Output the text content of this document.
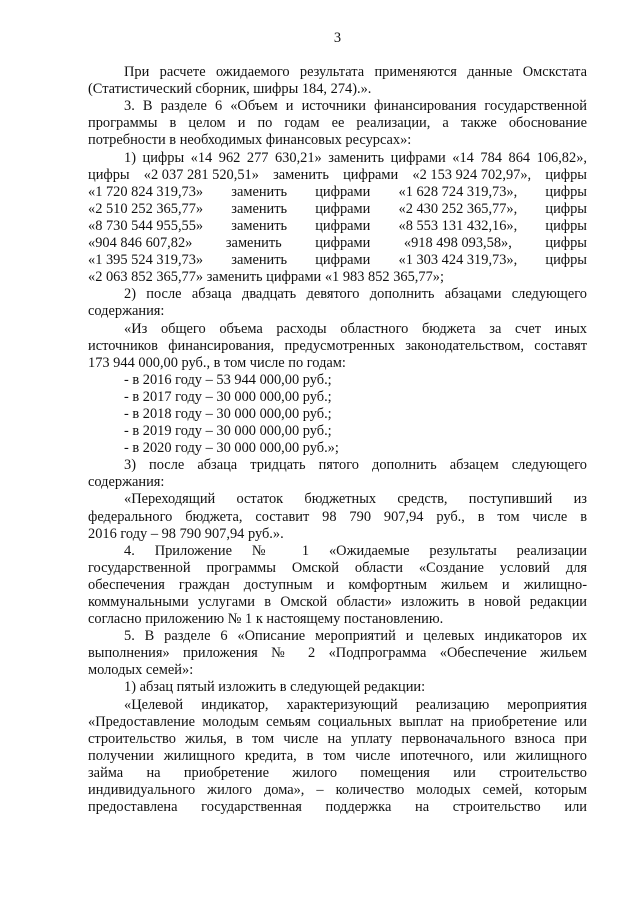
3

При расчете ожидаемого результата применяются данные Омскстата

(Статистический сборник, шифры 184, 274).».

3. В разделе 6 «Объем и источники финансирования государственной

программы в целом и по годам ее реализации, а также обоснование

потребности в необходимых финансовых ресурсах»:

1) цифры «14 962 277 630,21» заменить цифрами «14 784 864 106,82»,

цифры «2 037 281 520,51» заменить цифрами «2 153 924 702,97», цифры
«1 720 824 319,73» заменить цифрами «1 628 724 319,73», цифры
«2 510 252 365,77» заменить цифрами «2 430 252 365,77», цифры
«8 730 544 955,55» заменить цифрами «8 553 131 432,16», цифры
«904 846 607,82» заменить цифрами «918 498 093,58», цифры
«1 395 524 319,73» заменить цифрами «1 303 424 319,73», цифры

«2 063 852 365,77» заменить цифрами «1 983 852 365,77»;

2) после абзаца двадцать девятого дополнить абзацами следующего

содержания:

«Из общего объема расходы областного бюджета за счет иных

источников финансирования, предусмотренных законодательством, составят

173 944 000,00 руб., в том числе по годам:

- в 2016 году – 53 944 000,00 руб.;

- в 2017 году – 30 000 000,00 руб.;

- в 2018 году – 30 000 000,00 руб.;

- в 2019 году – 30 000 000,00 руб.;

- в 2020 году – 30 000 000,00 руб.»;

3) после абзаца тридцать пятого дополнить абзацем следующего

содержания:

«Переходящий остаток бюджетных средств, поступивший из

федерального бюджета, составит 98 790 907,94 руб., в том числе в

2016 году – 98 790 907,94 руб.».

4. Приложение № 1 «Ожидаемые результаты реализации

государственной программы Омской области «Создание условий для

обеспечения граждан доступным и комфортным жильем и жилищно-

коммунальными услугами в Омской области» изложить в новой редакции

согласно приложению № 1 к настоящему постановлению.

5. В разделе 6 «Описание мероприятий и целевых индикаторов их

выполнения» приложения № 2 «Подпрограмма «Обеспечение жильем

молодых семей»:

1) абзац пятый изложить в следующей редакции:

«Целевой индикатор, характеризующий реализацию мероприятия

«Предоставление молодым семьям социальных выплат на приобретение или

строительство жилья, в том числе на уплату первоначального взноса при

получении жилищного кредита, в том числе ипотечного, или жилищного

займа на приобретение жилого помещения или строительство

индивидуального жилого дома», – количество молодых семей, которым

предоставлена государственная поддержка на строительство или
